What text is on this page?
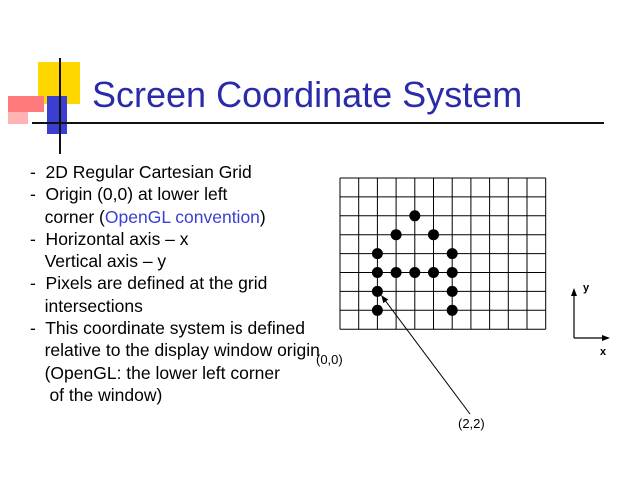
Screen Coordinate System
-  2D Regular Cartesian Grid
-  Origin (0,0) at lower left
corner (OpenGL convention)
-  Horizontal axis – x
Vertical axis – y
-  Pixels are defined at the grid
intersections
-  This coordinate system is defined
relative to the display window origin
(OpenGL: the lower left corner
of the window)
(0,0)
(2,2)
y
x
